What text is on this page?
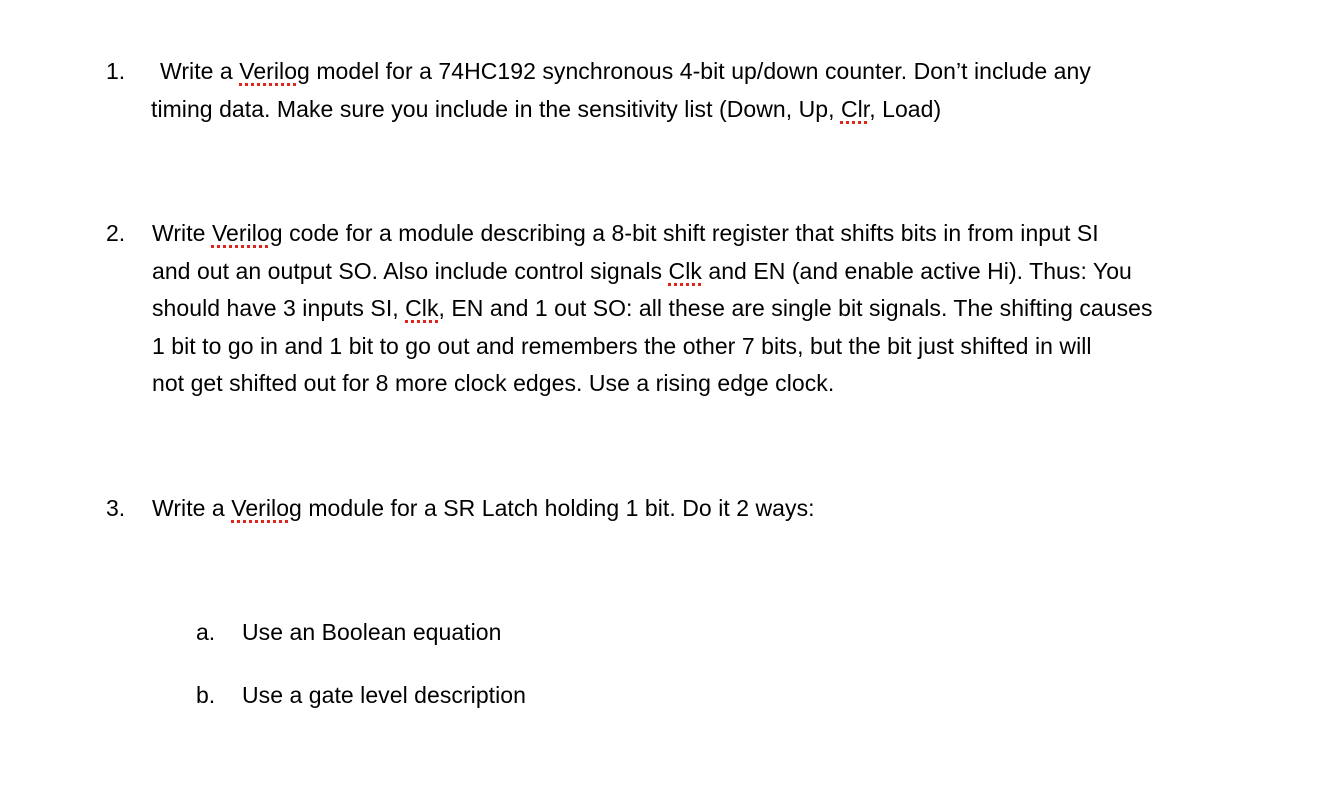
1.	Write a Verilog model for a 74HC192 synchronous 4-bit up/down counter. Don’t include any
timing data. Make sure you include in the sensitivity list (Down, Up, Clr, Load)
2. Write Verilog code for a module describing a 8-bit shift register that shifts bits in from input SI
and out an output SO. Also include control signals Clk and EN (and enable active Hi). Thus: You
should have 3 inputs SI, Clk, EN and 1 out SO: all these are single bit signals. The shifting causes
1 bit to go in and 1 bit to go out and remembers the other 7 bits, but the bit just shifted in will
not get shifted out for 8 more clock edges. Use a rising edge clock.
3. Write a Verilog module for a SR Latch holding 1 bit. Do it 2 ways:
a. Use an Boolean equation
b. Use a gate level description
